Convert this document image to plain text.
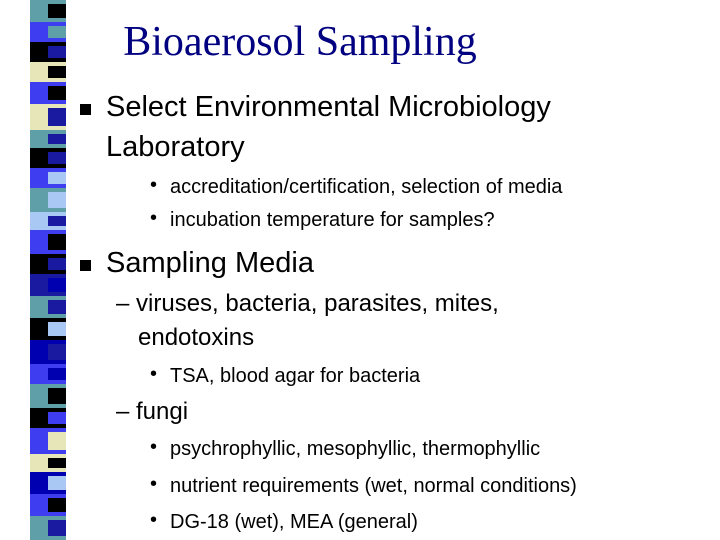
Bioaerosol Sampling
Select Environmental Microbiology
Laboratory
• accreditation/certification, selection of media
• incubation temperature for samples?
Sampling Media
– viruses, bacteria, parasites, mites,
endotoxins
• TSA, blood agar for bacteria
– fungi
• psychrophyllic, mesophyllic, thermophyllic
• nutrient requirements (wet, normal conditions)
• DG-18 (wet), MEA (general)
